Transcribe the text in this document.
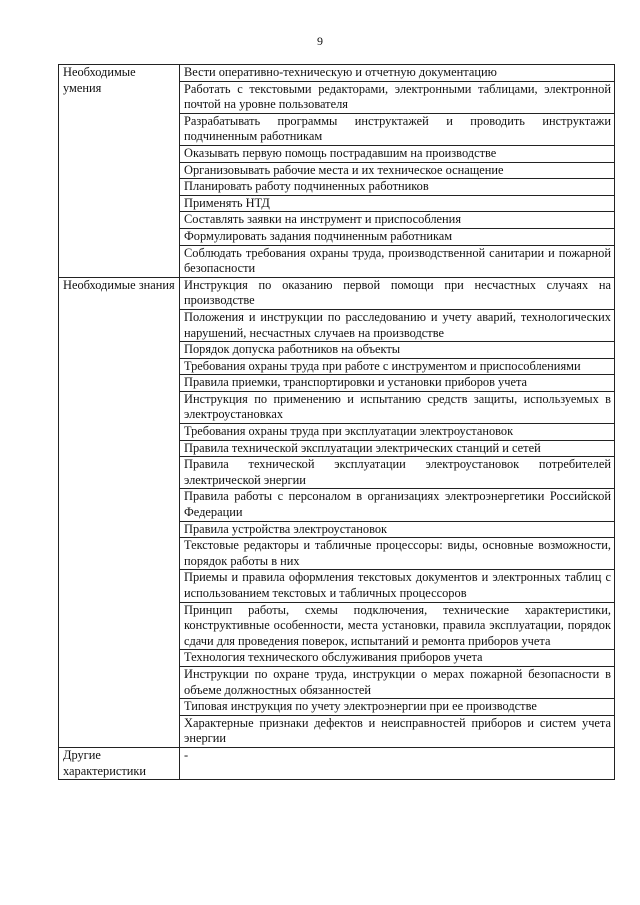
9
Необходимые умения	Вести оперативно-техническую и отчетную документацию
	Работать с текстовыми редакторами, электронными таблицами, электронной почтой на уровне пользователя
	Разрабатывать программы инструктажей и проводить инструктажи подчиненным работникам
	Оказывать первую помощь пострадавшим на производстве
	Организовывать рабочие места и их техническое оснащение
	Планировать работу подчиненных работников
	Применять НТД
	Составлять заявки на инструмент и приспособления
	Формулировать задания подчиненным работникам
	Соблюдать требования охраны труда, производственной санитарии и пожарной безопасности
Необходимые знания	Инструкция по оказанию первой помощи при несчастных случаях на производстве
	Положения и инструкции по расследованию и учету аварий, технологических нарушений, несчастных случаев на производстве
	Порядок допуска работников на объекты
	Требования охраны труда при работе с инструментом и приспособлениями
	Правила приемки, транспортировки и установки приборов учета
	Инструкция по применению и испытанию средств защиты, используемых в электроустановках
	Требования охраны труда при эксплуатации электроустановок
	Правила технической эксплуатации электрических станций и сетей
	Правила технической эксплуатации электроустановок потребителей электрической энергии
	Правила работы с персоналом в организациях электроэнергетики Российской Федерации
	Правила устройства электроустановок
	Текстовые редакторы и табличные процессоры: виды, основные возможности, порядок работы в них
	Приемы и правила оформления текстовых документов и электронных таблиц с использованием текстовых и табличных процессоров
	Принцип работы, схемы подключения, технические характеристики, конструктивные особенности, места установки, правила эксплуатации, порядок сдачи для проведения поверок, испытаний и ремонта приборов учета
	Технология технического обслуживания приборов учета
	Инструкции по охране труда, инструкции о мерах пожарной безопасности в объеме должностных обязанностей
	Типовая инструкция по учету электроэнергии при ее производстве
	Характерные признаки дефектов и неисправностей приборов и систем учета энергии
Другие характеристики	-
